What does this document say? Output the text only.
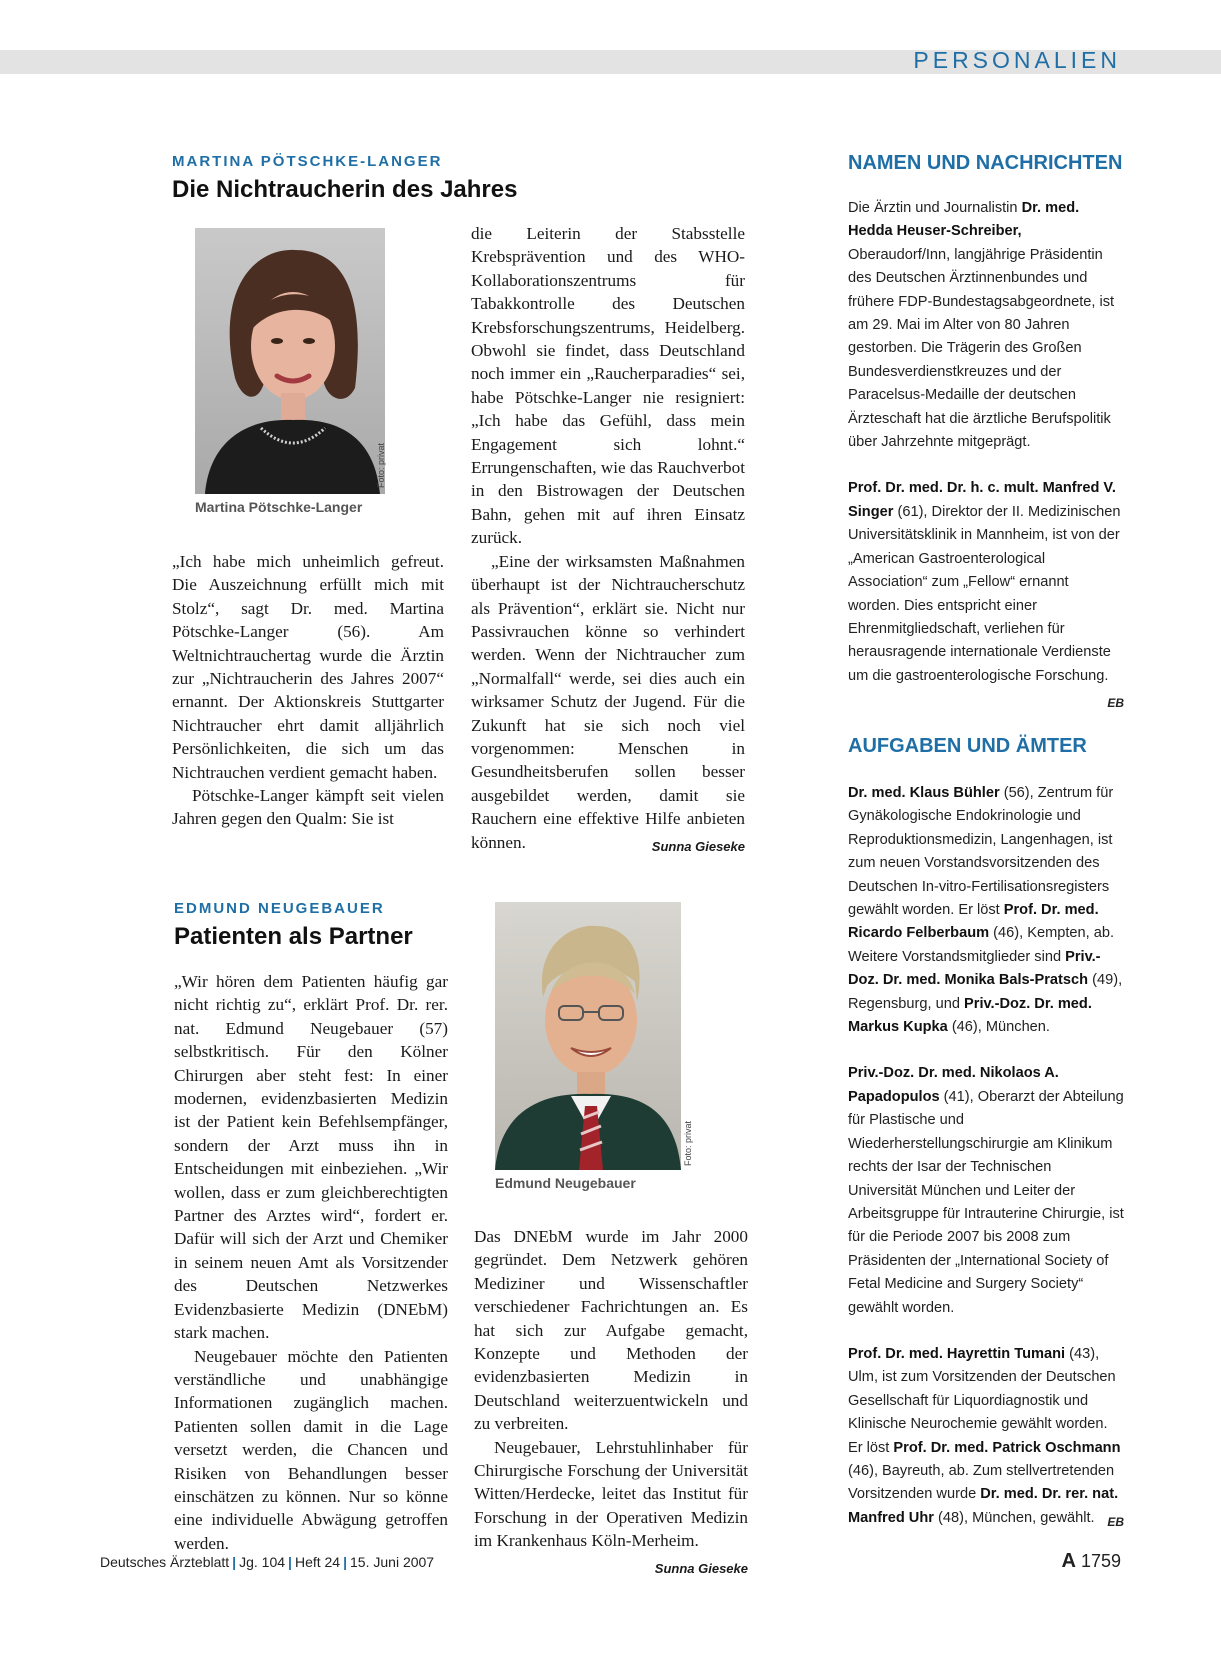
PERSONALIEN
MARTINA PÖTSCHKE-LANGER
Die Nichtraucherin des Jahres
Foto: privat
Martina Pötschke-Langer

„Ich habe mich unheimlich gefreut. Die Auszeichnung erfüllt mich mit Stolz“, sagt Dr. med. Martina Pötschke-Langer (56). Am Weltnichtrauchertag wurde die Ärztin zur „Nichtraucherin des Jahres 2007“ ernannt. Der Aktionskreis Stuttgarter Nichtraucher ehrt damit alljährlich Persönlichkeiten, die sich um das Nichtrauchen verdient gemacht haben.

Pötschke-Langer kämpft seit vielen Jahren gegen den Qualm: Sie ist

die Leiterin der Stabsstelle Krebsprävention und des WHO-Kollaborationszentrums für Tabakkontrolle des Deutschen Krebsforschungszentrums, Heidelberg. Obwohl sie findet, dass Deutschland noch immer ein „Raucherparadies“ sei, habe Pötschke-Langer nie resigniert: „Ich habe das Gefühl, dass mein Engagement sich lohnt.“ Errungenschaften, wie das Rauchverbot in den Bistrowagen der Deutschen Bahn, gehen mit auf ihren Einsatz zurück.

„Eine der wirksamsten Maßnahmen überhaupt ist der Nichtraucherschutz als Prävention“, erklärt sie. Nicht nur Passivrauchen könne so verhindert werden. Wenn der Nichtraucher zum „Normalfall“ werde, sei dies auch ein wirksamer Schutz der Jugend. Für die Zukunft hat sie sich noch viel vorgenommen: Menschen in Gesundheitsberufen sollen besser ausgebildet werden, damit sie Rauchern eine effektive Hilfe anbieten können.	Sunna Gieseke

EDMUND NEUGEBAUER
Patienten als Partner
Foto: privat
Edmund Neugebauer

„Wir hören dem Patienten häufig gar nicht richtig zu“, erklärt Prof. Dr. rer. nat. Edmund Neugebauer (57) selbstkritisch. Für den Kölner Chirurgen aber steht fest: In einer modernen, evidenzbasierten Medizin ist der Patient kein Befehlsempfänger, sondern der Arzt muss ihn in Entscheidungen mit einbeziehen. „Wir wollen, dass er zum gleichberechtigten Partner des Arztes wird“, fordert er. Dafür will sich der Arzt und Chemiker in seinem neuen Amt als Vorsitzender des Deutschen Netzwerkes Evidenzbasierte Medizin (DNEbM) stark machen.

Neugebauer möchte den Patienten verständliche und unabhängige Informationen zugänglich machen. Patienten sollen damit in die Lage versetzt werden, die Chancen und Risiken von Behandlungen besser einschätzen zu können. Nur so könne eine individuelle Abwägung getroffen werden.

Das DNEbM wurde im Jahr 2000 gegründet. Dem Netzwerk gehören Mediziner und Wissenschaftler verschiedener Fachrichtungen an. Es hat sich zur Aufgabe gemacht, Konzepte und Methoden der evidenzbasierten Medizin in Deutschland weiterzuentwickeln und zu verbreiten.

Neugebauer, Lehrstuhlinhaber für Chirurgische Forschung der Universität Witten/Herdecke, leitet das Institut für Forschung in der Operativen Medizin im Krankenhaus Köln-Merheim.
Sunna Gieseke

NAMEN UND NACHRICHTEN

Die Ärztin und Journalistin Dr. med. Hedda Heuser-Schreiber, Oberaudorf/Inn, langjährige Präsidentin des Deutschen Ärztinnenbundes und frühere FDP-Bundestagsabgeordnete, ist am 29. Mai im Alter von 80 Jahren gestorben. Die Trägerin des Großen Bundesverdienstkreuzes und der Paracelsus-Medaille der deutschen Ärzteschaft hat die ärztliche Berufspolitik über Jahrzehnte mitgeprägt.

Prof. Dr. med. Dr. h. c. mult. Manfred V. Singer (61), Direktor der II. Medizinischen Universitätsklinik in Mannheim, ist von der „American Gastroenterological Association“ zum „Fellow“ ernannt worden. Dies entspricht einer Ehrenmitgliedschaft, verliehen für herausragende internationale Verdienste um die gastroenterologische Forschung.
EB

AUFGABEN UND ÄMTER

Dr. med. Klaus Bühler (56), Zentrum für Gynäkologische Endokrinologie und Reproduktionsmedizin, Langenhagen, ist zum neuen Vorstandsvorsitzenden des Deutschen In-vitro-Fertilisationsregisters gewählt worden. Er löst Prof. Dr. med. Ricardo Felberbaum (46), Kempten, ab. Weitere Vorstandsmitglieder sind Priv.-Doz. Dr. med. Monika Bals-Pratsch (49), Regensburg, und Priv.-Doz. Dr. med. Markus Kupka (46), München.

Priv.-Doz. Dr. med. Nikolaos A. Papadopulos (41), Oberarzt der Abteilung für Plastische und Wiederherstellungschirurgie am Klinikum rechts der Isar der Technischen Universität München und Leiter der Arbeitsgruppe für Intrauterine Chirurgie, ist für die Periode 2007 bis 2008 zum Präsidenten der „International Society of Fetal Medicine and Surgery Society“ gewählt worden.

Prof. Dr. med. Hayrettin Tumani (43), Ulm, ist zum Vorsitzenden der Deutschen Gesellschaft für Liquordiagnostik und Klinische Neurochemie gewählt worden. Er löst Prof. Dr. med. Patrick Oschmann (46), Bayreuth, ab. Zum stellvertretenden Vorsitzenden wurde Dr. med. Dr. rer. nat. Manfred Uhr (48), München, gewählt. EB

Deutsches Ärzteblatt | Jg. 104 | Heft 24 | 15. Juni 2007	A 1759
